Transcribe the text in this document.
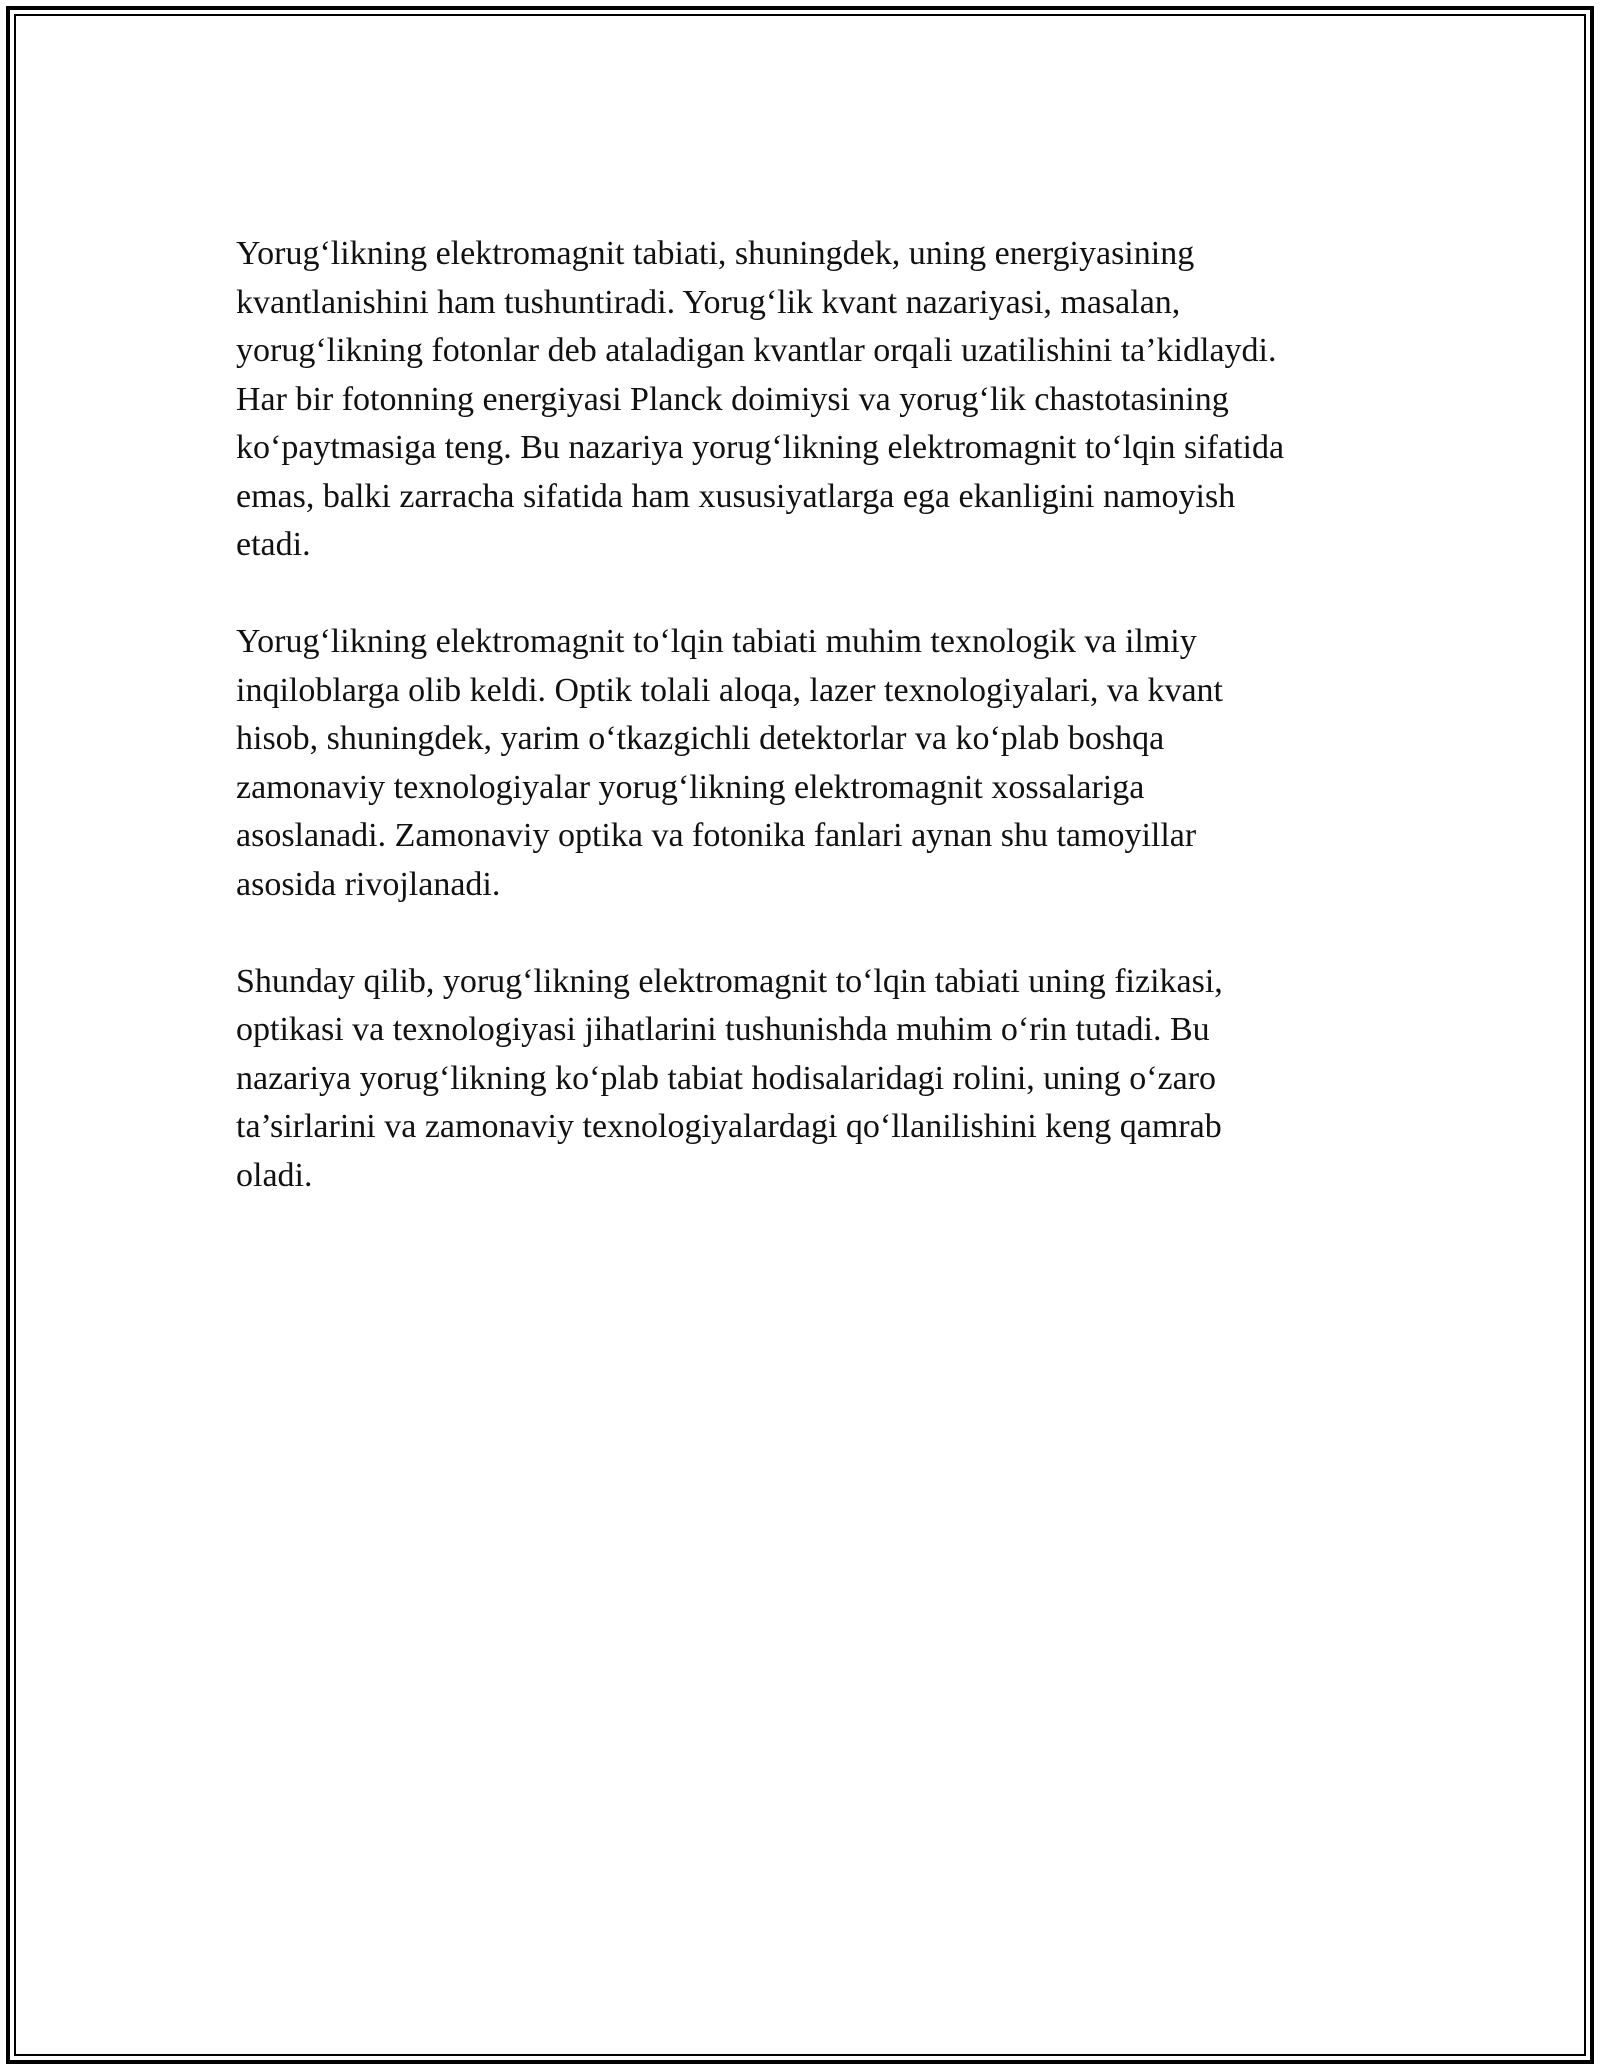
Yorug‘likning elektromagnit tabiati, shuningdek, uning energiyasining
kvantlanishini ham tushuntiradi. Yorug‘lik kvant nazariyasi, masalan,
yorug‘likning fotonlar deb ataladigan kvantlar orqali uzatilishini ta’kidlaydi.
Har bir fotonning energiyasi Planck doimiysi va yorug‘lik chastotasining
ko‘paytmasiga teng. Bu nazariya yorug‘likning elektromagnit to‘lqin sifatida
emas, balki zarracha sifatida ham xususiyatlarga ega ekanligini namoyish
etadi.

Yorug‘likning elektromagnit to‘lqin tabiati muhim texnologik va ilmiy
inqiloblarga olib keldi. Optik tolali aloqa, lazer texnologiyalari, va kvant
hisob, shuningdek, yarim o‘tkazgichli detektorlar va ko‘plab boshqa
zamonaviy texnologiyalar yorug‘likning elektromagnit xossalariga
asoslanadi. Zamonaviy optika va fotonika fanlari aynan shu tamoyillar
asosida rivojlanadi.

Shunday qilib, yorug‘likning elektromagnit to‘lqin tabiati uning fizikasi,
optikasi va texnologiyasi jihatlarini tushunishda muhim o‘rin tutadi. Bu
nazariya yorug‘likning ko‘plab tabiat hodisalaridagi rolini, uning o‘zaro
ta’sirlarini va zamonaviy texnologiyalardagi qo‘llanilishini keng qamrab
oladi.
